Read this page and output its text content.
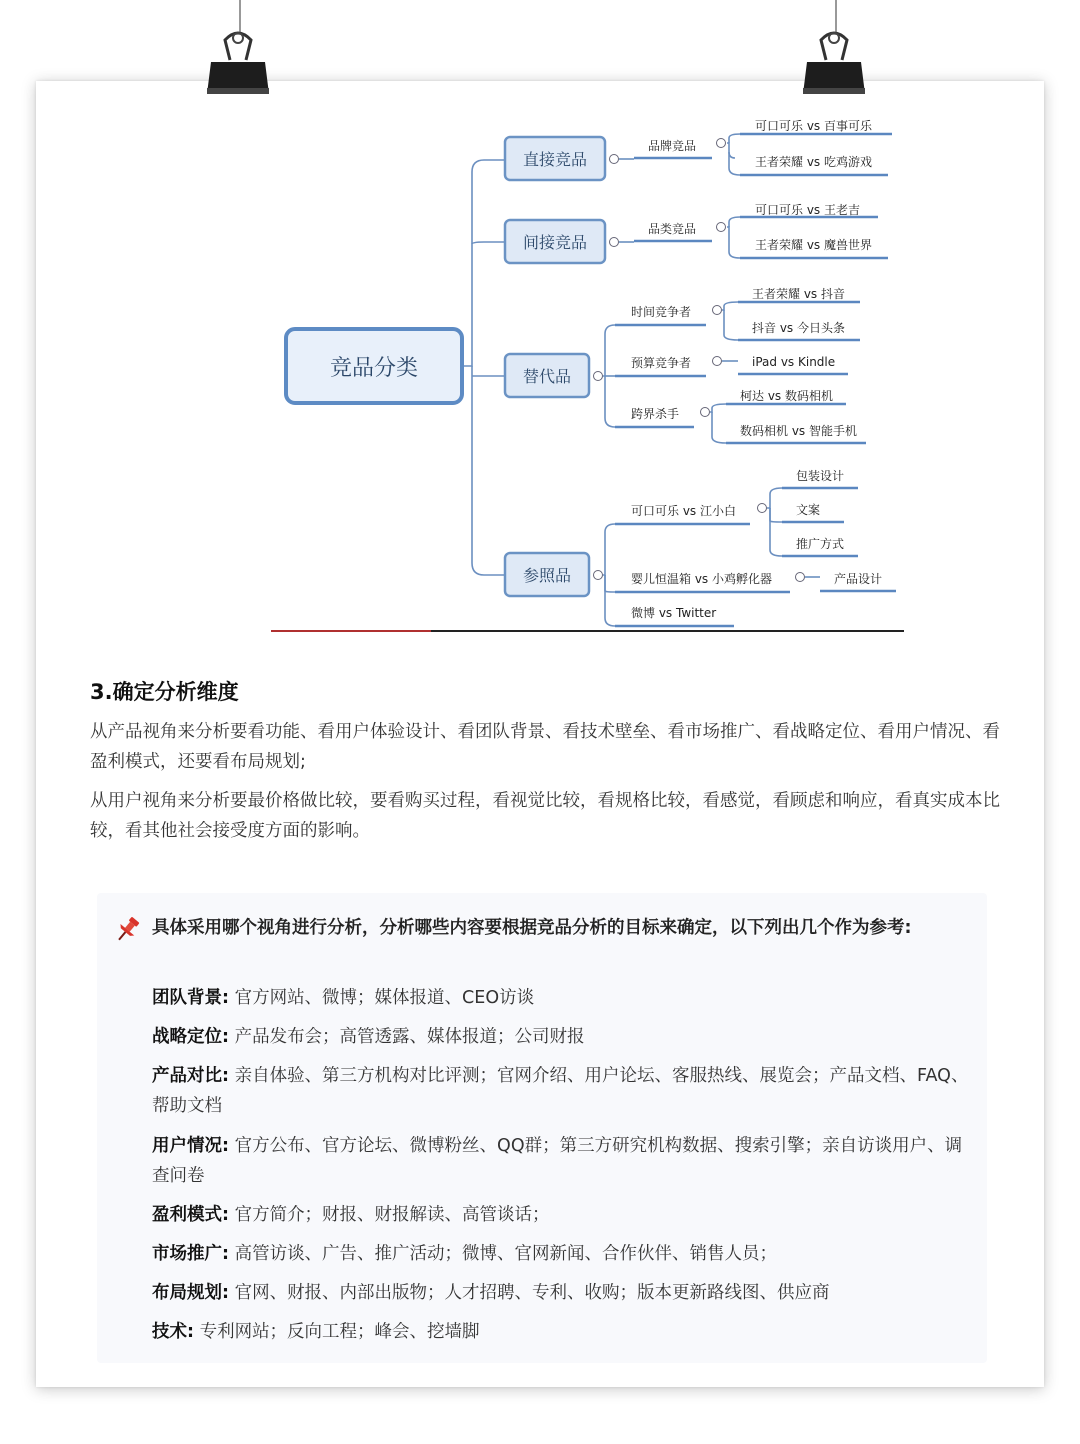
竞品分类
直接竞品
间接竞品
替代品
参照品
品牌竞品
可口可乐 vs 百事可乐
王者荣耀 vs 吃鸡游戏
品类竞品
可口可乐 vs 王老吉
王者荣耀 vs 魔兽世界
时间竞争者
王者荣耀 vs 抖音
抖音 vs 今日头条
预算竞争者	iPad vs Kindle
跨界杀手
柯达 vs 数码相机
数码相机 vs 智能手机
可口可乐 vs 江小白
包装设计
文案
推广方式
婴儿恒温箱 vs 小鸡孵化器	产品设计
微博 vs Twitter
3.确定分析维度
从产品视角来分析要看功能、看用户体验设计、看团队背景、看技术壁垒、看市场推广、看战略定位、看用户情况、看盈利模式，还要看布局规划;
从用户视角来分析要最价格做比较，要看购买过程，看视觉比较，看规格比较，看感觉，看顾虑和响应，看真实成本比较，看其他社会接受度方面的影响。
具体采用哪个视角进行分析，分析哪些内容要根据竞品分析的目标来确定，以下列出几个作为参考:
团队背景: 官方网站、微博；媒体报道、CEO访谈
战略定位: 产品发布会；高管透露、媒体报道；公司财报
产品对比: 亲自体验、第三方机构对比评测；官网介绍、用户论坛、客服热线、展览会；产品文档、FAQ、帮助文档
用户情况: 官方公布、官方论坛、微博粉丝、QQ群；第三方研究机构数据、搜索引擎；亲自访谈用户、调查问卷
盈利模式: 官方简介；财报、财报解读、高管谈话；
市场推广: 高管访谈、广告、推广活动；微博、官网新闻、合作伙伴、销售人员；
布局规划: 官网、财报、内部出版物；人才招聘、专利、收购；版本更新路线图、供应商
技术: 专利网站；反向工程；峰会、挖墙脚
